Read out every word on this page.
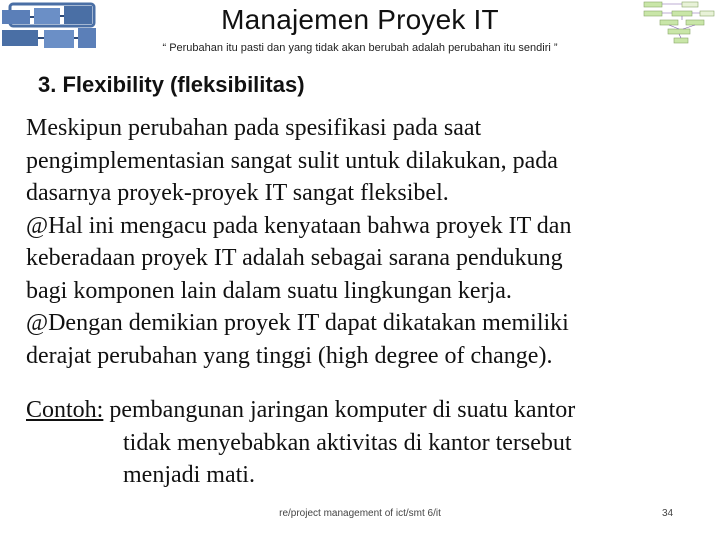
Manajemen Proyek IT
“ Perubahan itu pasti dan yang tidak akan berubah adalah perubahan itu sendiri ”
3. Flexibility (fleksibilitas)

Meskipun perubahan pada spesifikasi pada saat

pengimplementasian sangat sulit untuk dilakukan, pada

dasarnya proyek-proyek IT sangat fleksibel.

@Hal ini mengacu pada kenyataan bahwa proyek IT dan

keberadaan proyek IT adalah sebagai sarana pendukung

bagi komponen lain dalam suatu lingkungan kerja.

@Dengan demikian proyek IT dapat dikatakan memiliki

derajat perubahan yang tinggi (high degree of change).

Contoh: pembangunan jaringan komputer di suatu kantor
tidak menyebabkan aktivitas di kantor tersebut
menjadi mati.
re/project management of ict/smt 6/it	34
